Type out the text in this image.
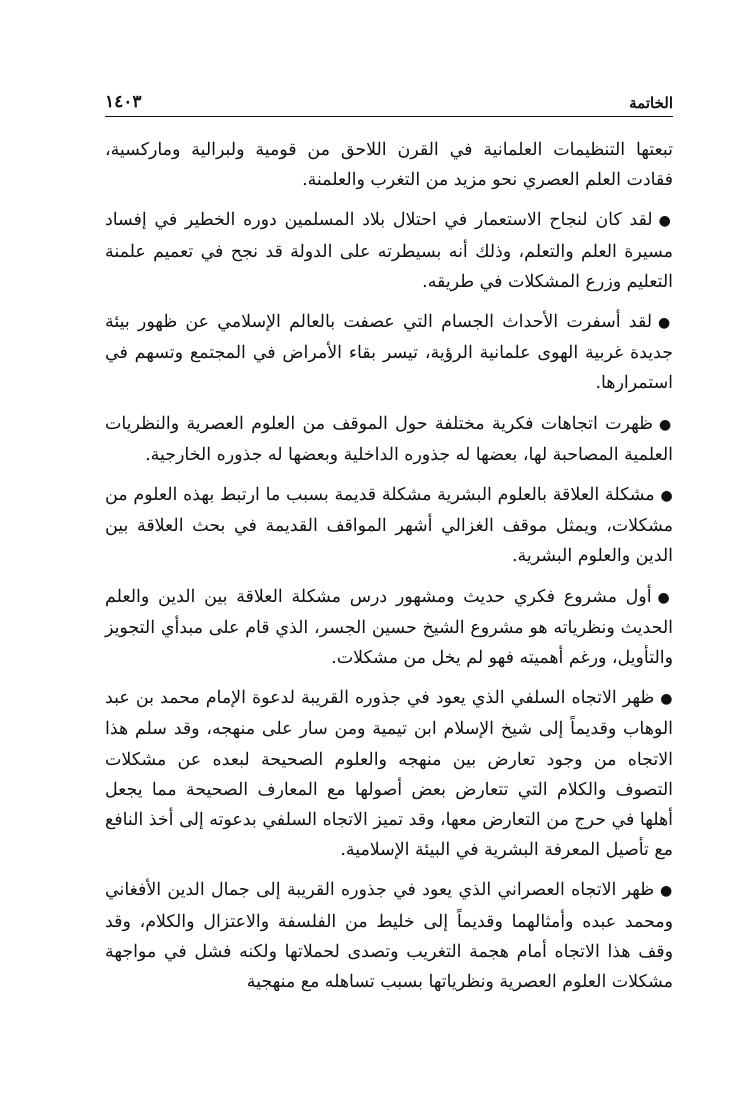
الخاتمة
١٤٠٣

تبعتها التنظيمات العلمانية في القرن اللاحق من قومية ولبرالية وماركسية، فقادت العلم العصري نحو مزيد من التغرب والعلمنة.

●لقد كان لنجاح الاستعمار في احتلال بلاد المسلمين دوره الخطير في إفساد مسيرة العلم والتعلم، وذلك أنه بسيطرته على الدولة قد نجح في تعميم علمنة التعليم وزرع المشكلات في طريقه.

●لقد أسفرت الأحداث الجسام التي عصفت بالعالم الإسلامي عن ظهور بيئة جديدة غربية الهوى علمانية الرؤية، تيسر بقاء الأمراض في المجتمع وتسهم في استمرارها.

●ظهرت اتجاهات فكرية مختلفة حول الموقف من العلوم العصرية والنظريات العلمية المصاحبة لها، بعضها له جذوره الداخلية وبعضها له جذوره الخارجية.

●مشكلة العلاقة بالعلوم البشرية مشكلة قديمة بسبب ما ارتبط بهذه العلوم من مشكلات، ويمثل موقف الغزالي أشهر المواقف القديمة في بحث العلاقة بين الدين والعلوم البشرية.

●أول مشروع فكري حديث ومشهور درس مشكلة العلاقة بين الدين والعلم الحديث ونظرياته هو مشروع الشيخ حسين الجسر، الذي قام على مبدأي التجويز والتأويل، ورغم أهميته فهو لم يخل من مشكلات.

●ظهر الاتجاه السلفي الذي يعود في جذوره القريبة لدعوة الإمام محمد بن عبد الوهاب وقديماً إلى شيخ الإسلام ابن تيمية ومن سار على منهجه، وقد سلم هذا الاتجاه من وجود تعارض بين منهجه والعلوم الصحيحة لبعده عن مشكلات التصوف والكلام التي تتعارض بعض أصولها مع المعارف الصحيحة مما يجعل أهلها في حرج من التعارض معها، وقد تميز الاتجاه السلفي بدعوته إلى أخذ النافع مع تأصيل المعرفة البشرية في البيئة الإسلامية.

●ظهر الاتجاه العصراني الذي يعود في جذوره القريبة إلى جمال الدين الأفغاني ومحمد عبده وأمثالهما وقديماً إلى خليط من الفلسفة والاعتزال والكلام، وقد وقف هذا الاتجاه أمام هجمة التغريب وتصدى لحملاتها ولكنه فشل في مواجهة مشكلات العلوم العصرية ونظرياتها بسبب تساهله مع منهجية
